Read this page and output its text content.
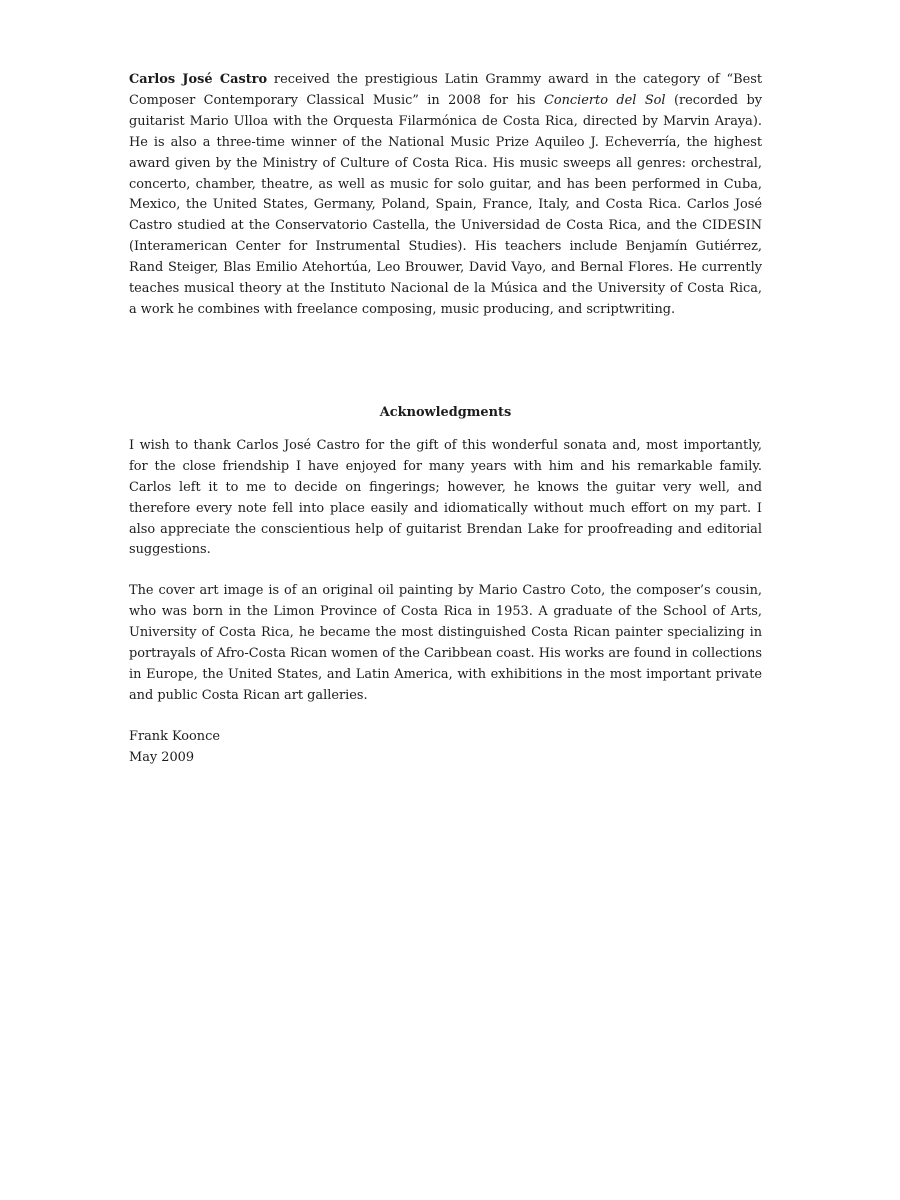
Carlos José Castro received the prestigious Latin Grammy award in the category of “Best Composer Contemporary Classical Music” in 2008 for his Concierto del Sol (recorded by guitarist Mario Ulloa with the Orquesta Filarmónica de Costa Rica, directed by Marvin Araya). He is also a three-time winner of the National Music Prize Aquileo J. Echeverría, the highest award given by the Ministry of Culture of Costa Rica. His music sweeps all genres: orchestral, concerto, chamber, theatre, as well as music for solo guitar, and has been performed in Cuba, Mexico, the United States, Germany, Poland, Spain, France, Italy, and Costa Rica. Carlos José Castro studied at the Conservatorio Castella, the Universidad de Costa Rica, and the CIDESIN (Interamerican Center for Instrumental Studies). His teachers include Benjamín Gutiérrez, Rand Steiger, Blas Emilio Atehortúa, Leo Brouwer, David Vayo, and Bernal Flores. He currently teaches musical theory at the Instituto Nacional de la Música and the University of Costa Rica, a work he combines with freelance composing, music producing, and scriptwriting.

Acknowledgments

I wish to thank Carlos José Castro for the gift of this wonderful sonata and, most importantly, for the close friendship I have enjoyed for many years with him and his remarkable family. Carlos left it to me to decide on fingerings; however, he knows the guitar very well, and therefore every note fell into place easily and idiomatically without much effort on my part. I also appreciate the conscientious help of guitarist Brendan Lake for proofreading and editorial suggestions.

The cover art image is of an original oil painting by Mario Castro Coto, the composer’s cousin, who was born in the Limon Province of Costa Rica in 1953. A graduate of the School of Arts, University of Costa Rica, he became the most distinguished Costa Rican painter specializing in portrayals of Afro-Costa Rican women of the Caribbean coast. His works are found in collections in Europe, the United States, and Latin America, with exhibitions in the most important private and public Costa Rican art galleries.

Frank Koonce
May 2009
